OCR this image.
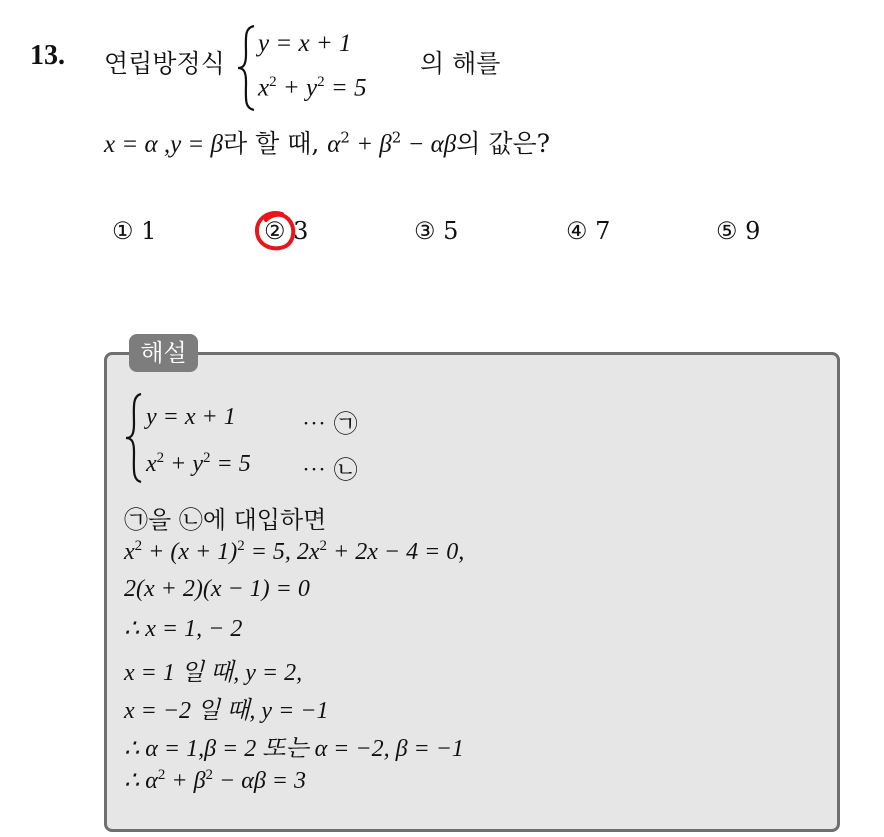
13. 연립방정식
y = x + 1
$x^2 + y^2 = 5$
의 해를
x = α ,y = β라 할 때, $\alpha^2 + \beta^2 - \alpha\beta$의 값은?
① 1	② 3	③ 5	④ 7	⑤ 9
해설
y = x + 1	⋯ ㉠
$x^2 + y^2 = 5$ ⋯ ㉡
㉠을 ㉡에 대입하면
$x^2 + (x + 1)^2 = 5$, $2x^2 + 2x - 4 = 0$,
2(x + 2)(x − 1) = 0
∴ x = 1, − 2
x = 1 일 때, y = 2,
x = −2 일 때, y = −1
∴ α = 1,β = 2 또는 α = −2, β = −1
∴ $\alpha^2 + \beta^2 - \alpha\beta = 3$
